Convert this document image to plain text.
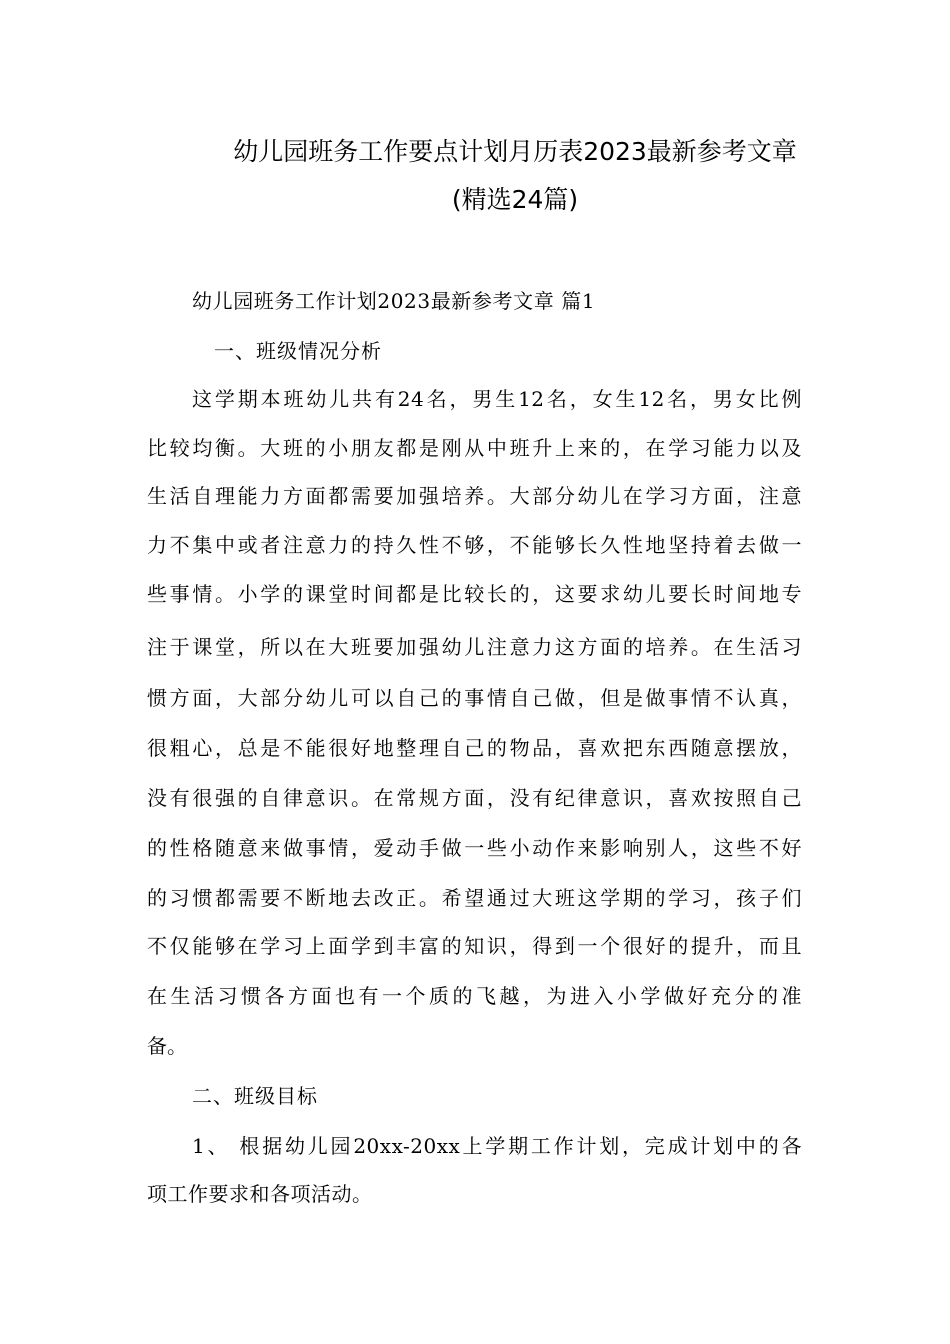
幼儿园班务工作要点计划月历表2023最新参考文章
(精选24篇)
幼儿园班务工作计划2023最新参考文章 篇1
一、班级情况分析
这学期本班幼儿共有24名，男生12名，女生12名，男女比例
比较均衡。大班的小朋友都是刚从中班升上来的，在学习能力以及
生活自理能力方面都需要加强培养。大部分幼儿在学习方面，注意
力不集中或者注意力的持久性不够，不能够长久性地坚持着去做一
些事情。小学的课堂时间都是比较长的，这要求幼儿要长时间地专
注于课堂，所以在大班要加强幼儿注意力这方面的培养。在生活习
惯方面，大部分幼儿可以自己的事情自己做，但是做事情不认真，
很粗心，总是不能很好地整理自己的物品，喜欢把东西随意摆放，
没有很强的自律意识。在常规方面，没有纪律意识，喜欢按照自己
的性格随意来做事情，爱动手做一些小动作来影响别人，这些不好
的习惯都需要不断地去改正。希望通过大班这学期的学习，孩子们
不仅能够在学习上面学到丰富的知识，得到一个很好的提升，而且
在生活习惯各方面也有一个质的飞越，为进入小学做好充分的准
备。
二、班级目标
1、 根据幼儿园20xx-20xx上学期工作计划，完成计划中的各
项工作要求和各项活动。
